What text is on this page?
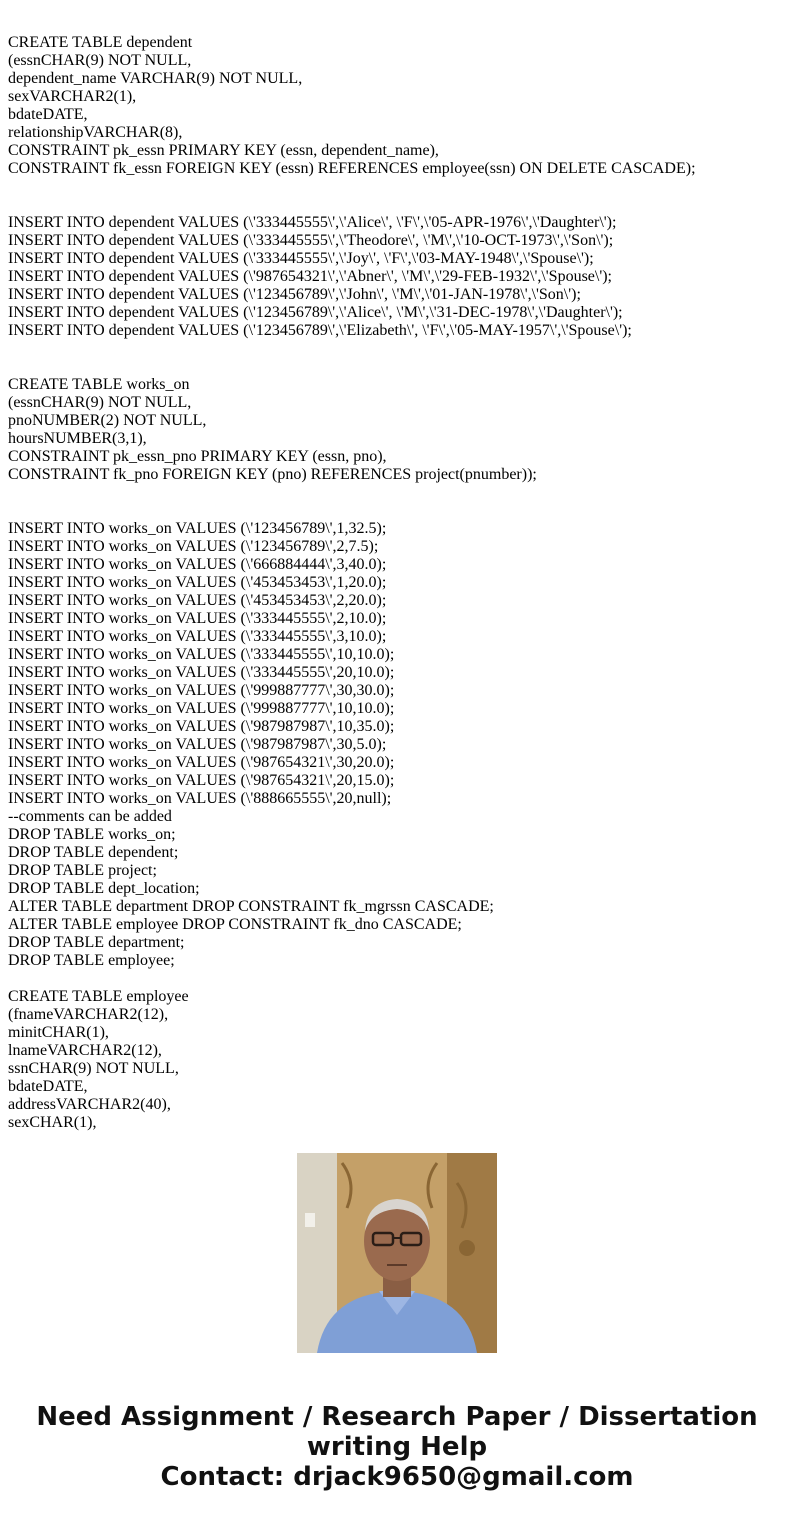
CREATE TABLE dependent
(essnCHAR(9) NOT NULL,
dependent_name VARCHAR(9) NOT NULL,
sexVARCHAR2(1),
bdateDATE,
relationshipVARCHAR(8),
CONSTRAINT pk_essn PRIMARY KEY (essn, dependent_name),
CONSTRAINT fk_essn FOREIGN KEY (essn) REFERENCES employee(ssn) ON DELETE CASCADE);
INSERT INTO dependent VALUES (\'333445555\',\'Alice\', \'F\',\'05-APR-1976\',\'Daughter\');
INSERT INTO dependent VALUES (\'333445555\',\'Theodore\', \'M\',\'10-OCT-1973\',\'Son\');
INSERT INTO dependent VALUES (\'333445555\',\'Joy\', \'F\',\'03-MAY-1948\',\'Spouse\');
INSERT INTO dependent VALUES (\'987654321\',\'Abner\', \'M\',\'29-FEB-1932\',\'Spouse\');
INSERT INTO dependent VALUES (\'123456789\',\'John\', \'M\',\'01-JAN-1978\',\'Son\');
INSERT INTO dependent VALUES (\'123456789\',\'Alice\', \'M\',\'31-DEC-1978\',\'Daughter\');
INSERT INTO dependent VALUES (\'123456789\',\'Elizabeth\', \'F\',\'05-MAY-1957\',\'Spouse\');
CREATE TABLE works_on
(essnCHAR(9) NOT NULL,
pnoNUMBER(2) NOT NULL,
hoursNUMBER(3,1),
CONSTRAINT pk_essn_pno PRIMARY KEY (essn, pno),
CONSTRAINT fk_pno FOREIGN KEY (pno) REFERENCES project(pnumber));
INSERT INTO works_on VALUES (\'123456789\',1,32.5);
INSERT INTO works_on VALUES (\'123456789\',2,7.5);
INSERT INTO works_on VALUES (\'666884444\',3,40.0);
INSERT INTO works_on VALUES (\'453453453\',1,20.0);
INSERT INTO works_on VALUES (\'453453453\',2,20.0);
INSERT INTO works_on VALUES (\'333445555\',2,10.0);
INSERT INTO works_on VALUES (\'333445555\',3,10.0);
INSERT INTO works_on VALUES (\'333445555\',10,10.0);
INSERT INTO works_on VALUES (\'333445555\',20,10.0);
INSERT INTO works_on VALUES (\'999887777\',30,30.0);
INSERT INTO works_on VALUES (\'999887777\',10,10.0);
INSERT INTO works_on VALUES (\'987987987\',10,35.0);
INSERT INTO works_on VALUES (\'987987987\',30,5.0);
INSERT INTO works_on VALUES (\'987654321\',30,20.0);
INSERT INTO works_on VALUES (\'987654321\',20,15.0);
INSERT INTO works_on VALUES (\'888665555\',20,null);
--comments can be added
DROP TABLE works_on;
DROP TABLE dependent;
DROP TABLE project;
DROP TABLE dept_location;
ALTER TABLE department DROP CONSTRAINT fk_mgrssn CASCADE;
ALTER TABLE employee DROP CONSTRAINT fk_dno CASCADE;
DROP TABLE department;
DROP TABLE employee;
CREATE TABLE employee
(fnameVARCHAR2(12),
minitCHAR(1),
lnameVARCHAR2(12),
ssnCHAR(9) NOT NULL,
bdateDATE,
addressVARCHAR2(40),
sexCHAR(1),
Need Assignment / Research Paper / Dissertation
writing Help
Contact: drjack9650@gmail.com
